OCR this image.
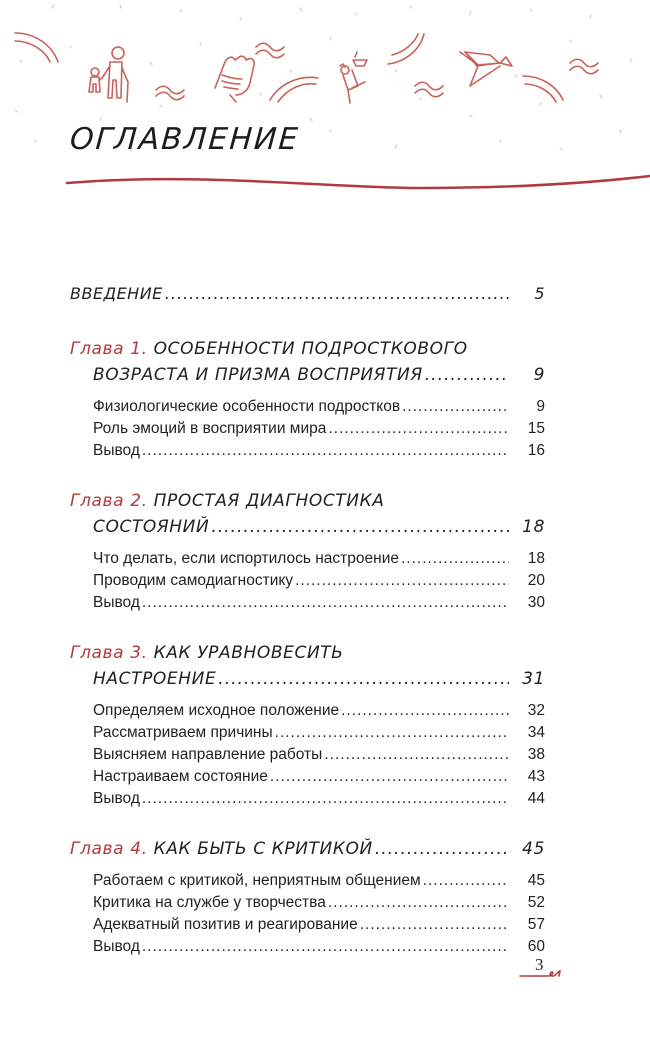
ОГЛАВЛЕНИЕ
ВВЕДЕНИЕ .....	5
Глава 1. ОСОБЕННОСТИ ПОДРОСТКОВОГО
ВОЗРАСТА И ПРИЗМА ВОСПРИЯТИЯ .....	9
Физиологические особенности подростков .....	9
Роль эмоций в восприятии мира .....	15
Вывод .....	16
Глава 2. ПРОСТАЯ ДИАГНОСТИКА
СОСТОЯНИЙ .....	18
Что делать, если испортилось настроение .....	18
Проводим самодиагностику .....	20
Вывод .....	30
Глава 3. КАК УРАВНОВЕСИТЬ
НАСТРОЕНИЕ .....	31
Определяем исходное положение .....	32
Рассматриваем причины .....	34
Выясняем направление работы .....	38
Настраиваем состояние .....	43
Вывод .....	44
Глава 4. КАК БЫТЬ С КРИТИКОЙ .....	45
Работаем с критикой, неприятным общением .....	45
Критика на службе у творчества .....	52
Адекватный позитив и реагирование .....	57
Вывод .....	60
3
